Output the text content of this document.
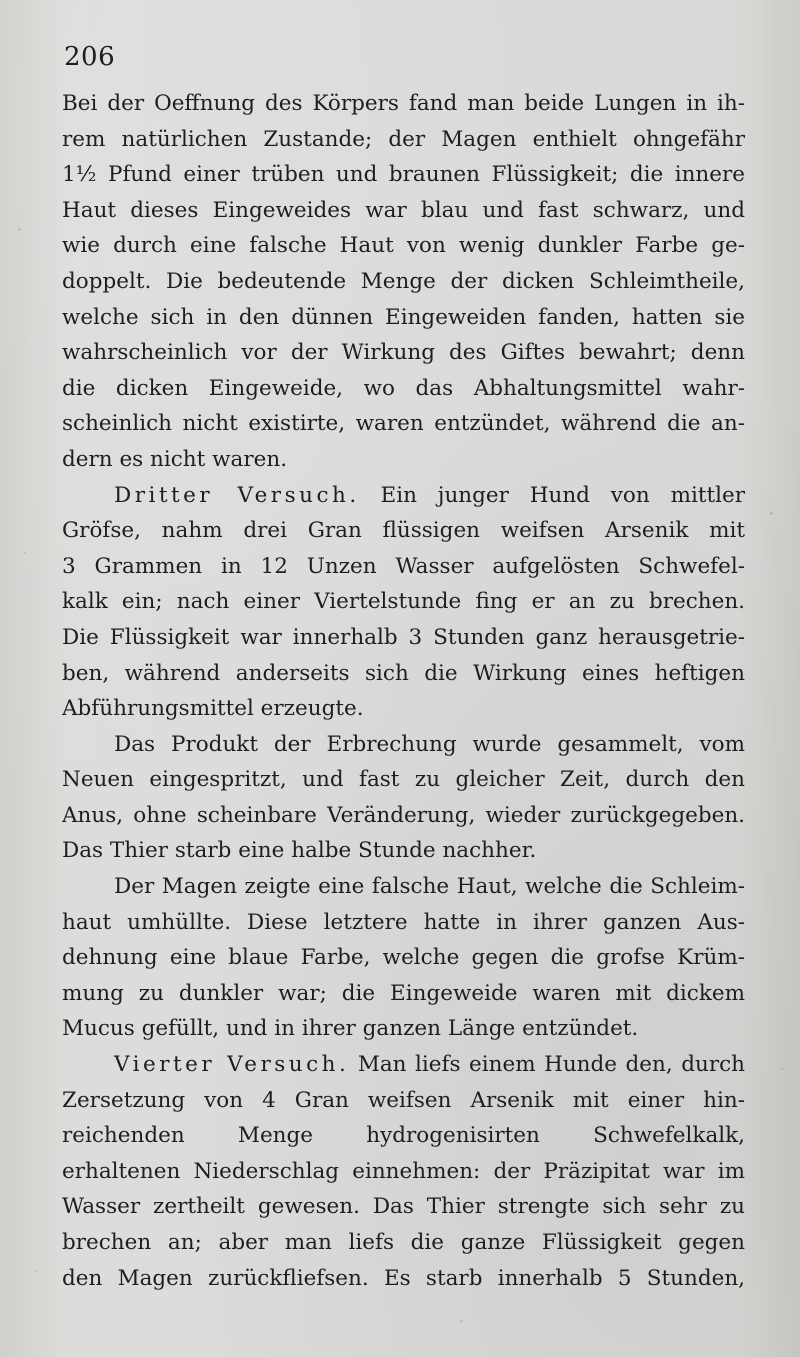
206
Bei der Oeffnung des Körpers fand man beide Lungen in ih-
rem natürlichen Zustande; der Magen enthielt ohngefähr
1½ Pfund einer trüben und braunen Flüssigkeit; die innere
Haut dieses Eingeweides war blau und fast schwarz, und
wie durch eine falsche Haut von wenig dunkler Farbe ge-
doppelt. Die bedeutende Menge der dicken Schleimtheile,
welche sich in den dünnen Eingeweiden fanden, hatten sie
wahrscheinlich vor der Wirkung des Giftes bewahrt; denn
die dicken Eingeweide, wo das Abhaltungsmittel wahr-
scheinlich nicht existirte, waren entzündet, während die an-
dern es nicht waren.
Dritter Versuch. Ein junger Hund von mittler
Gröfse, nahm drei Gran flüssigen weifsen Arsenik mit
3 Grammen in 12 Unzen Wasser aufgelösten Schwefel-
kalk ein; nach einer Viertelstunde fing er an zu brechen.
Die Flüssigkeit war innerhalb 3 Stunden ganz herausgetrie-
ben, während anderseits sich die Wirkung eines heftigen
Abführungsmittel erzeugte.
Das Produkt der Erbrechung wurde gesammelt, vom
Neuen eingespritzt, und fast zu gleicher Zeit, durch den
Anus, ohne scheinbare Veränderung, wieder zurückgegeben.
Das Thier starb eine halbe Stunde nachher.
Der Magen zeigte eine falsche Haut, welche die Schleim-
haut umhüllte. Diese letztere hatte in ihrer ganzen Aus-
dehnung eine blaue Farbe, welche gegen die grofse Krüm-
mung zu dunkler war; die Eingeweide waren mit dickem
Mucus gefüllt, und in ihrer ganzen Länge entzündet.
Vierter Versuch. Man liefs einem Hunde den, durch
Zersetzung von 4 Gran weifsen Arsenik mit einer hin-
reichenden Menge hydrogenisirten Schwefelkalk,
erhaltenen Niederschlag einnehmen: der Präzipitat war im
Wasser zertheilt gewesen. Das Thier strengte sich sehr zu
brechen an; aber man liefs die ganze Flüssigkeit gegen
den Magen zurückfliefsen. Es starb innerhalb 5 Stunden,
